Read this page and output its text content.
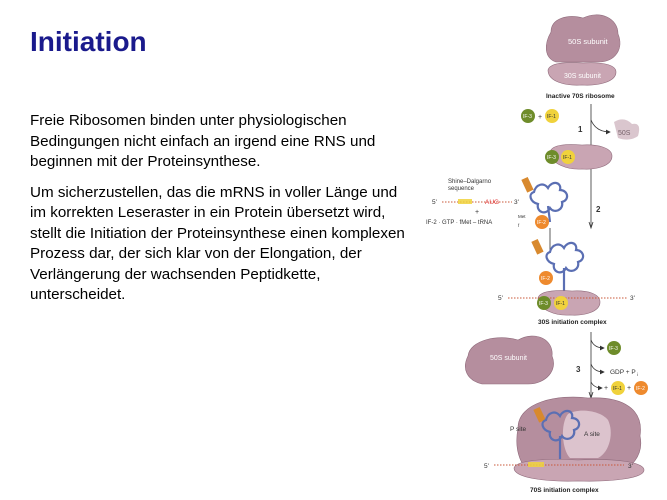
Initiation

Freie Ribosomen binden unter physiologischen Bedingungen nicht einfach an irgend eine RNS und beginnen mit der Proteinsynthese.

Um sicherzustellen, das die mRNS in voller Länge und im korrekten Leseraster in ein Protein übersetzt wird, stellt die Initiation der Proteinsynthese einen komplexen Prozess dar, der sich klar von der Elongation, der Verlängerung der wachsenden Peptidkette, unterscheidet.

50S subunit
30S subunit
Inactive 70S ribosome
IF-3 + IF-1
1
IF-3 IF-1
Shine–Dalgarno
sequence
5'	AUG 3'
+
IF-2 · GTP · fMet – tRNA
Met
f	IF-2
2
IF-2
5'	3'
IF-3 IF-1
30S initiation complex
50S subunit
IF-3
3	GDP + P i
+ IF-1 + IF-2
P site
A site
5'	3'
70S initiation complex
